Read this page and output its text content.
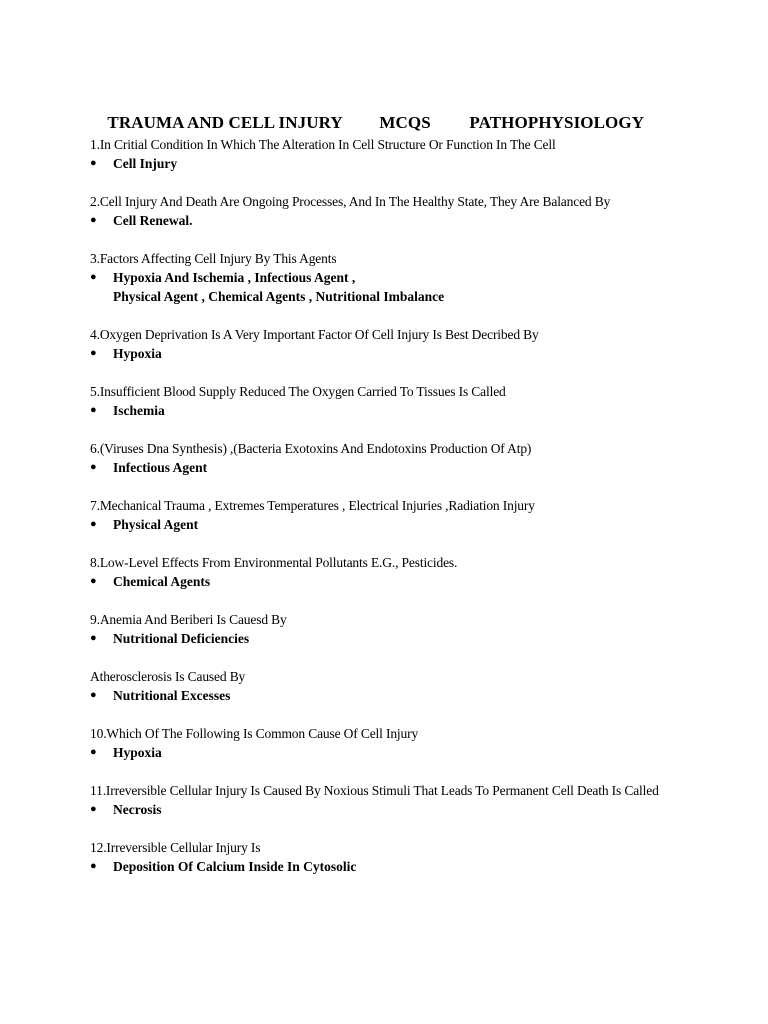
TRAUMA AND CELL INJURY MCQS PATHOPHYSIOLOGY

1.In Critial Condition In Which The Alteration In Cell Structure Or Function In The Cell

● Cell Injury

2.Cell Injury And Death Are Ongoing Processes, And In The Healthy State, They Are Balanced By

● Cell Renewal.

3.Factors Affecting Cell Injury By This Agents

● Hypoxia And Ischemia , Infectious Agent ,
Physical Agent , Chemical Agents , Nutritional Imbalance

4.Oxygen Deprivation Is A Very Important Factor Of Cell Injury Is Best Decribed By

● Hypoxia

5.Insufficient Blood Supply Reduced The Oxygen Carried To Tissues Is Called

● Ischemia

6.(Viruses Dna Synthesis) ,(Bacteria Exotoxins And Endotoxins Production Of Atp)

● Infectious Agent

7.Mechanical Trauma , Extremes Temperatures , Electrical Injuries ,Radiation Injury

● Physical Agent

8.Low-Level Effects From Environmental Pollutants E.G., Pesticides.

● Chemical Agents

9.Anemia And Beriberi Is Cauesd By

● Nutritional Deficiencies

Atherosclerosis Is Caused By

● Nutritional Excesses

10.Which Of The Following Is Common Cause Of Cell Injury

● Hypoxia

11.Irreversible Cellular Injury Is Caused By Noxious Stimuli That Leads To Permanent Cell Death Is Called

● Necrosis

12.Irreversible Cellular Injury Is

● Deposition Of Calcium Inside In Cytosolic
